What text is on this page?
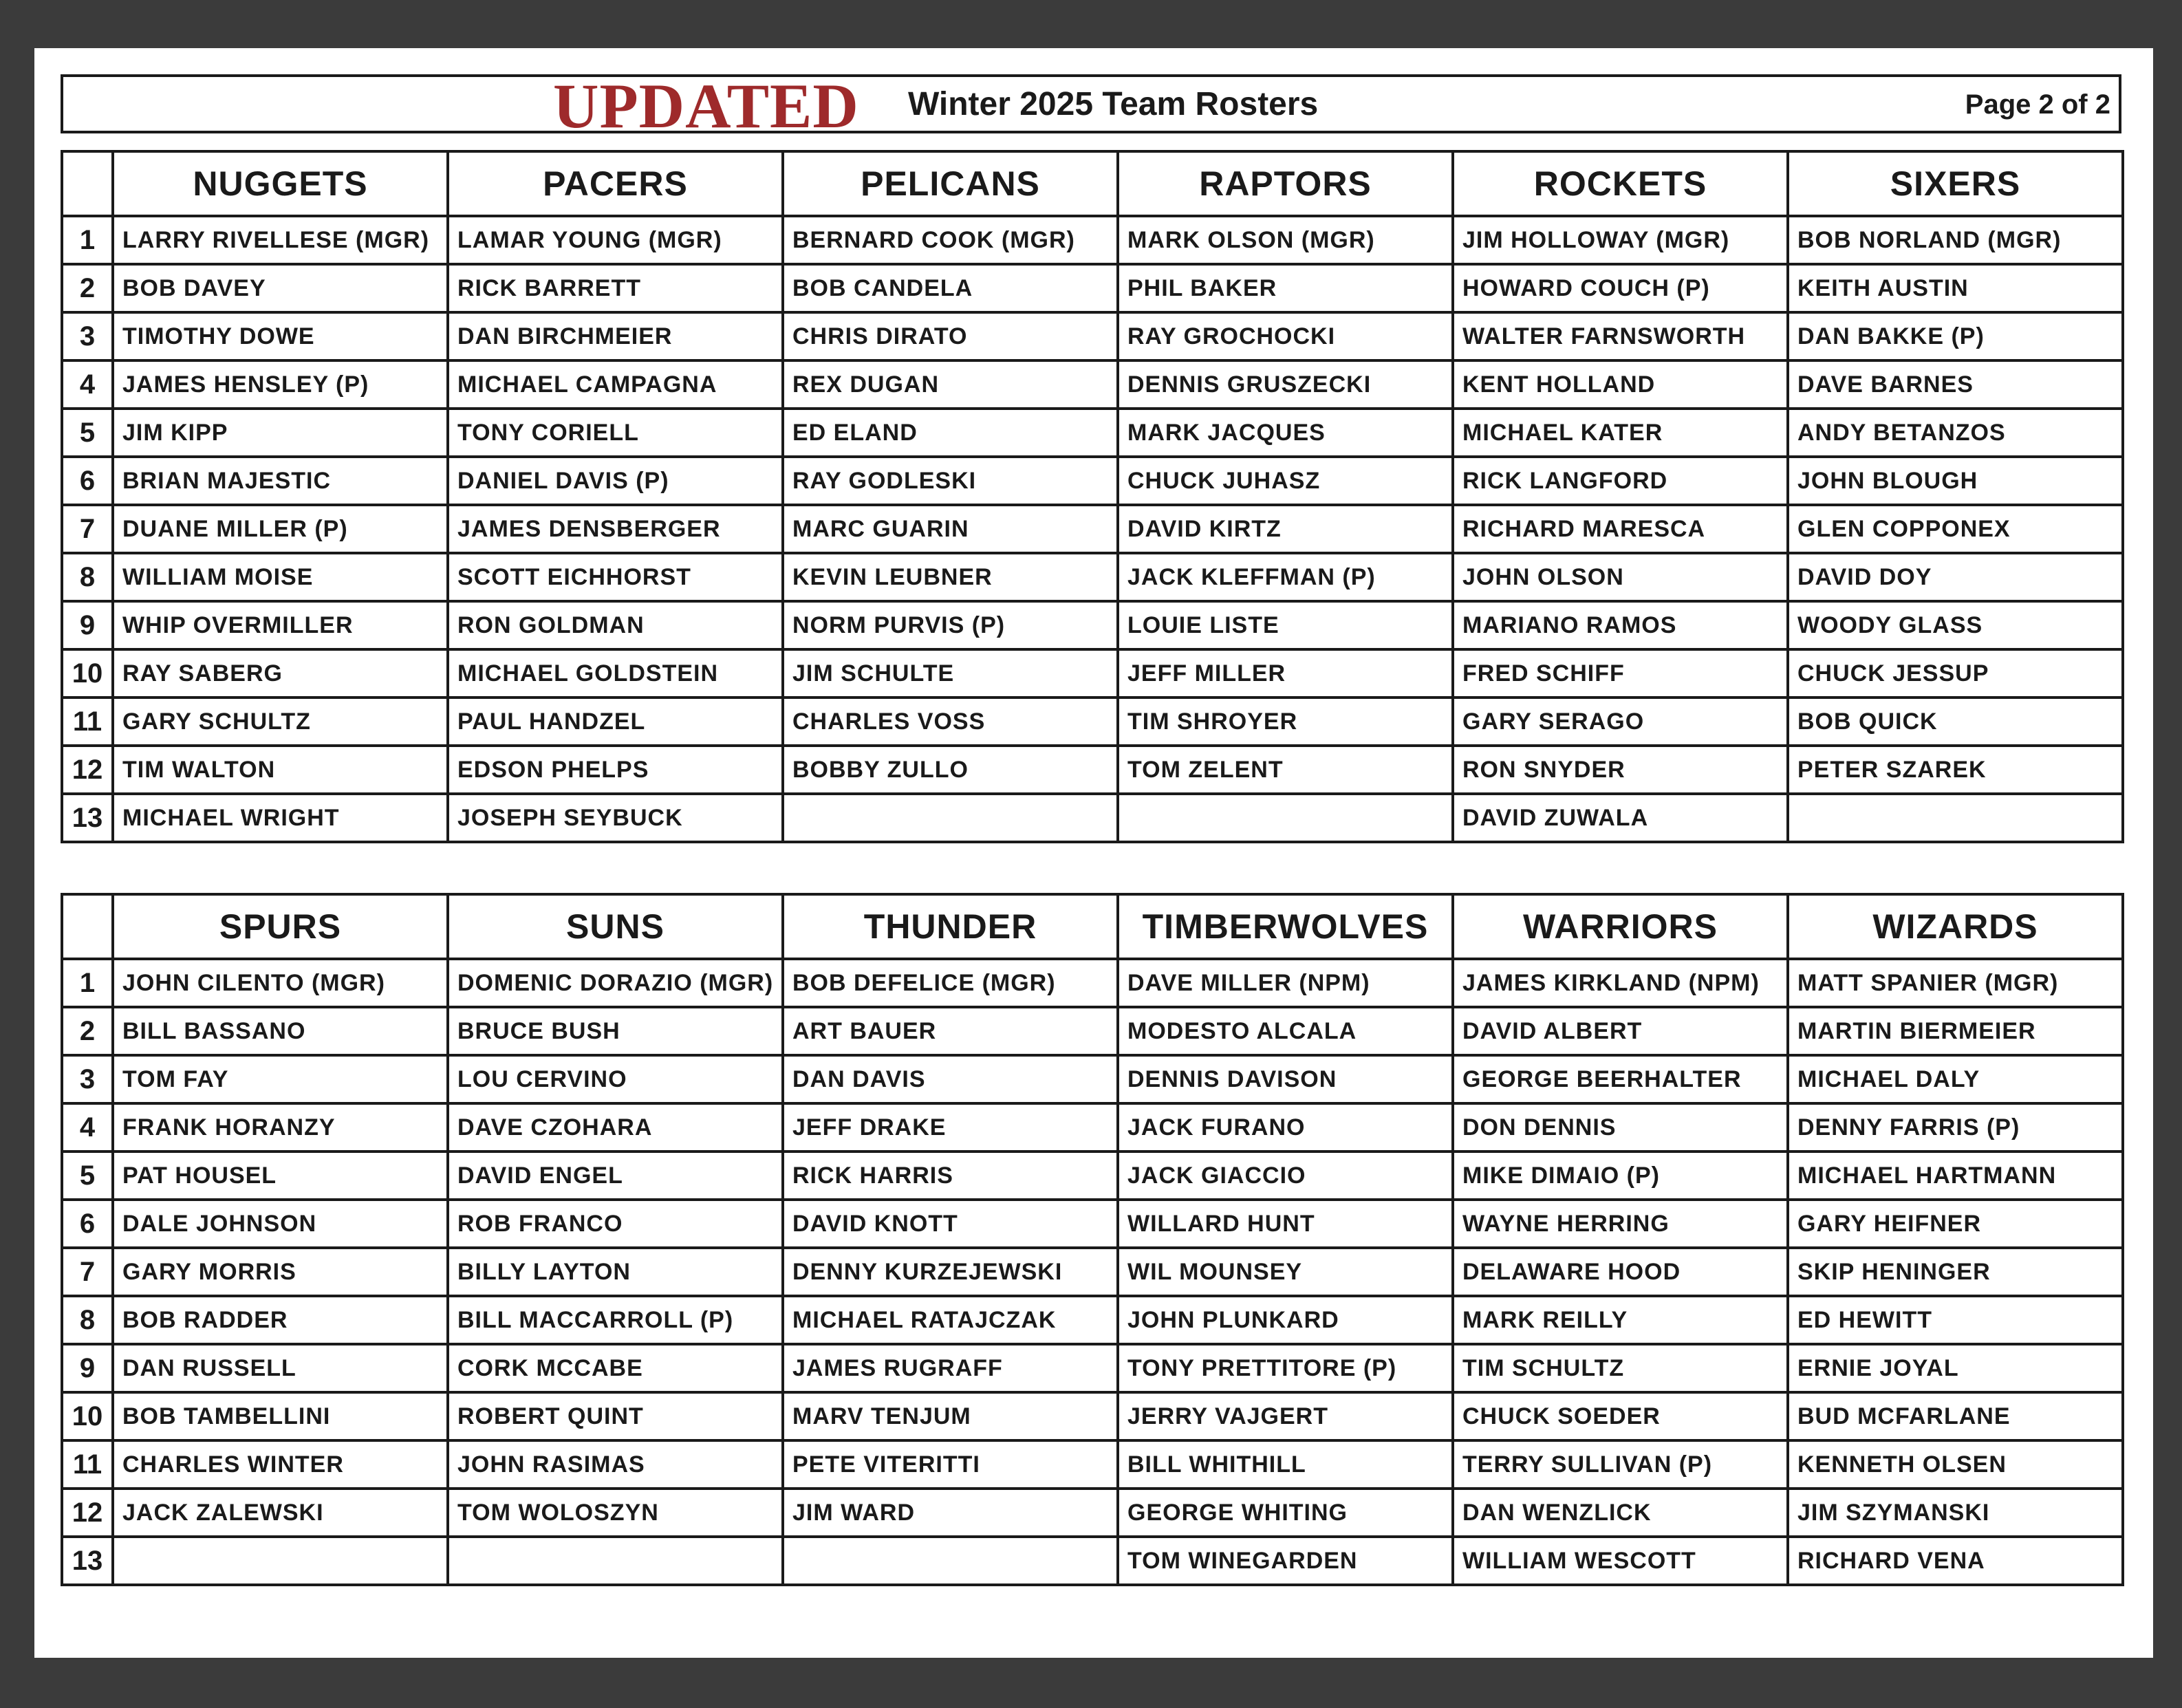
UPDATED Winter 2025 Team Rosters	Page 2 of 2
	NUGGETS	PACERS	PELICANS	RAPTORS	ROCKETS	SIXERS
1	LARRY RIVELLESE (MGR)	LAMAR YOUNG (MGR)	BERNARD COOK (MGR)	MARK OLSON (MGR)	JIM HOLLOWAY (MGR)	BOB NORLAND (MGR)
2	BOB DAVEY	RICK BARRETT	BOB CANDELA	PHIL BAKER	HOWARD COUCH (P)	KEITH AUSTIN
3	TIMOTHY DOWE	DAN BIRCHMEIER	CHRIS DIRATO	RAY GROCHOCKI	WALTER FARNSWORTH	DAN BAKKE (P)
4	JAMES HENSLEY (P)	MICHAEL CAMPAGNA	REX DUGAN	DENNIS GRUSZECKI	KENT HOLLAND	DAVE BARNES
5	JIM KIPP	TONY CORIELL	ED ELAND	MARK JACQUES	MICHAEL KATER	ANDY BETANZOS
6	BRIAN MAJESTIC	DANIEL DAVIS (P)	RAY GODLESKI	CHUCK JUHASZ	RICK LANGFORD	JOHN BLOUGH
7	DUANE MILLER (P)	JAMES DENSBERGER	MARC GUARIN	DAVID KIRTZ	RICHARD MARESCA	GLEN COPPONEX
8	WILLIAM MOISE	SCOTT EICHHORST	KEVIN LEUBNER	JACK KLEFFMAN (P)	JOHN OLSON	DAVID DOY
9	WHIP OVERMILLER	RON GOLDMAN	NORM PURVIS (P)	LOUIE LISTE	MARIANO RAMOS	WOODY GLASS
10	RAY SABERG	MICHAEL GOLDSTEIN	JIM SCHULTE	JEFF MILLER	FRED SCHIFF	CHUCK JESSUP
11	GARY SCHULTZ	PAUL HANDZEL	CHARLES VOSS	TIM SHROYER	GARY SERAGO	BOB QUICK
12	TIM WALTON	EDSON PHELPS	BOBBY ZULLO	TOM ZELENT	RON SNYDER	PETER SZAREK
13	MICHAEL WRIGHT	JOSEPH SEYBUCK			DAVID ZUWALA	
	SPURS	SUNS	THUNDER	TIMBERWOLVES	WARRIORS	WIZARDS
1	JOHN CILENTO (MGR)	DOMENIC DORAZIO (MGR)	BOB DEFELICE (MGR)	DAVE MILLER (NPM)	JAMES KIRKLAND (NPM)	MATT SPANIER (MGR)
2	BILL BASSANO	BRUCE BUSH	ART BAUER	MODESTO ALCALA	DAVID ALBERT	MARTIN BIERMEIER
3	TOM FAY	LOU CERVINO	DAN DAVIS	DENNIS DAVISON	GEORGE BEERHALTER	MICHAEL DALY
4	FRANK HORANZY	DAVE CZOHARA	JEFF DRAKE	JACK FURANO	DON DENNIS	DENNY FARRIS (P)
5	PAT HOUSEL	DAVID ENGEL	RICK HARRIS	JACK GIACCIO	MIKE DIMAIO (P)	MICHAEL HARTMANN
6	DALE JOHNSON	ROB FRANCO	DAVID KNOTT	WILLARD HUNT	WAYNE HERRING	GARY HEIFNER
7	GARY MORRIS	BILLY LAYTON	DENNY KURZEJEWSKI	WIL MOUNSEY	DELAWARE HOOD	SKIP HENINGER
8	BOB RADDER	BILL MACCARROLL (P)	MICHAEL RATAJCZAK	JOHN PLUNKARD	MARK REILLY	ED HEWITT
9	DAN RUSSELL	CORK MCCABE	JAMES RUGRAFF	TONY PRETTITORE (P)	TIM SCHULTZ	ERNIE JOYAL
10	BOB TAMBELLINI	ROBERT QUINT	MARV TENJUM	JERRY VAJGERT	CHUCK SOEDER	BUD MCFARLANE
11	CHARLES WINTER	JOHN RASIMAS	PETE VITERITTI	BILL WHITHILL	TERRY SULLIVAN (P)	KENNETH OLSEN
12	JACK ZALEWSKI	TOM WOLOSZYN	JIM WARD	GEORGE WHITING	DAN WENZLICK	JIM SZYMANSKI
13				TOM WINEGARDEN	WILLIAM WESCOTT	RICHARD VENA
